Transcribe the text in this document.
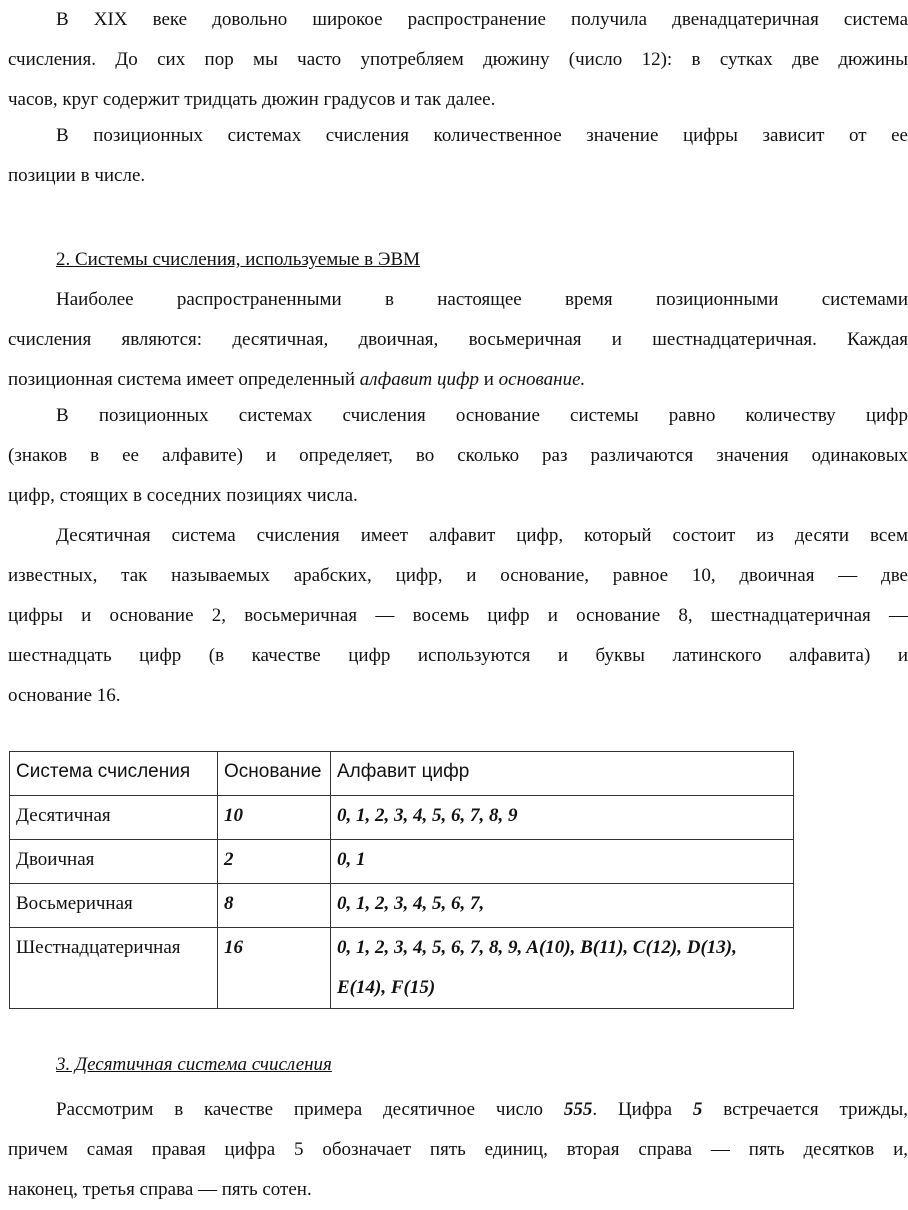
В XIX веке довольно широкое распространение получила двенадцатеричная система
счисления. До сих пор мы часто употребляем дюжину (число 12): в сутках две дюжины
часов, круг содержит тридцать дюжин градусов и так далее.
В позиционных системах счисления количественное значение цифры зависит от ее
позиции в числе.

2. Системы счисления, используемые в ЭВМ

Наиболее распространенными в настоящее время позиционными системами
счисления являются: десятичная, двоичная, восьмеричная и шестнадцатеричная. Каждая
позиционная система имеет определенный алфавит цифр и основание.
В позиционных системах счисления основание системы равно количеству цифр
(знаков в ее алфавите) и определяет, во сколько раз различаются значения одинаковых
цифр, стоящих в соседних позициях числа.
Десятичная система счисления имеет алфавит цифр, который состоит из десяти всем
известных, так называемых арабских, цифр, и основание, равное 10, двоичная — две
цифры и основание 2, восьмеричная — восемь цифр и основание 8, шестнадцатеричная —
шестнадцать цифр (в качестве цифр используются и буквы латинского алфавита) и
основание 16.
Система счисления	Основание	Алфавит цифр
Десятичная	10	0, 1, 2, 3, 4, 5, 6, 7, 8, 9
Двоичная	2	0, 1
Восьмеричная	8	0, 1, 2, 3, 4, 5, 6, 7,
Шестнадцатеричная	16	0, 1, 2, 3, 4, 5, 6, 7, 8, 9, A(10), B(11), C(12), D(13),
E(14), F(15)

3. Десятичная система счисления

Рассмотрим в качестве примера десятичное число 555. Цифра 5 встречается трижды,
причем самая правая цифра 5 обозначает пять единиц, вторая справа — пять десятков и,
наконец, третья справа — пять сотен.
